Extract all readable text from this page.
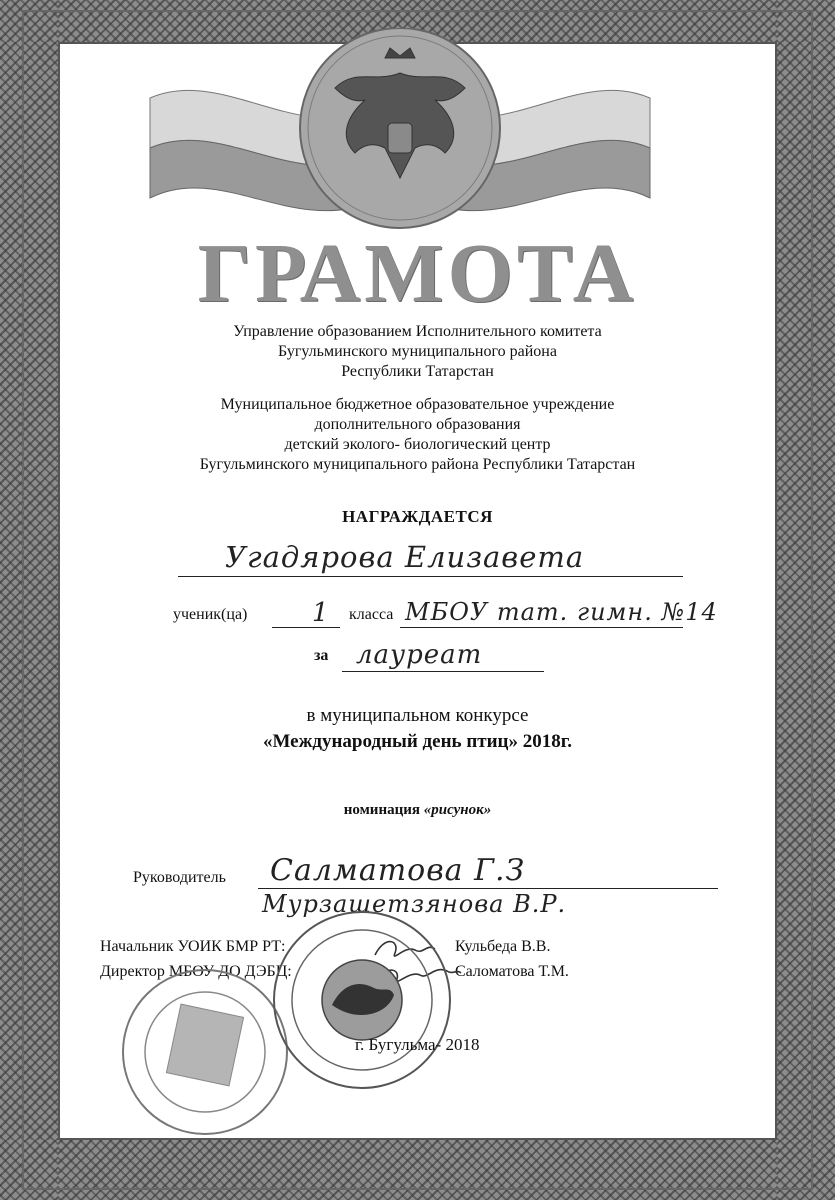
ГРАМОТА
Управление образованием Исполнительного комитета
Бугульминского муниципального района
Республики Татарстан
Муниципальное бюджетное образовательное учреждение
дополнительного образования
детский эколого- биологический центр
Бугульминского муниципального района Республики Татарстан
НАГРАЖДАЕТСЯ
Угадярова Елизавета
ученик(ца) 1 класса МБОУ тат. гимн. №14
за лауреат
в муниципальном конкурсе
«Международный день птиц» 2018г.
номинация «рисунок»
Руководитель Салматова Г.З
Мурзашетзянова В.Р.
Начальник УОИК БМР РТ:	Кульбеда В.В.
Директор МБОУ ДО ДЭБЦ:	Саломатова Т.М.
г. Бугульма- 2018
